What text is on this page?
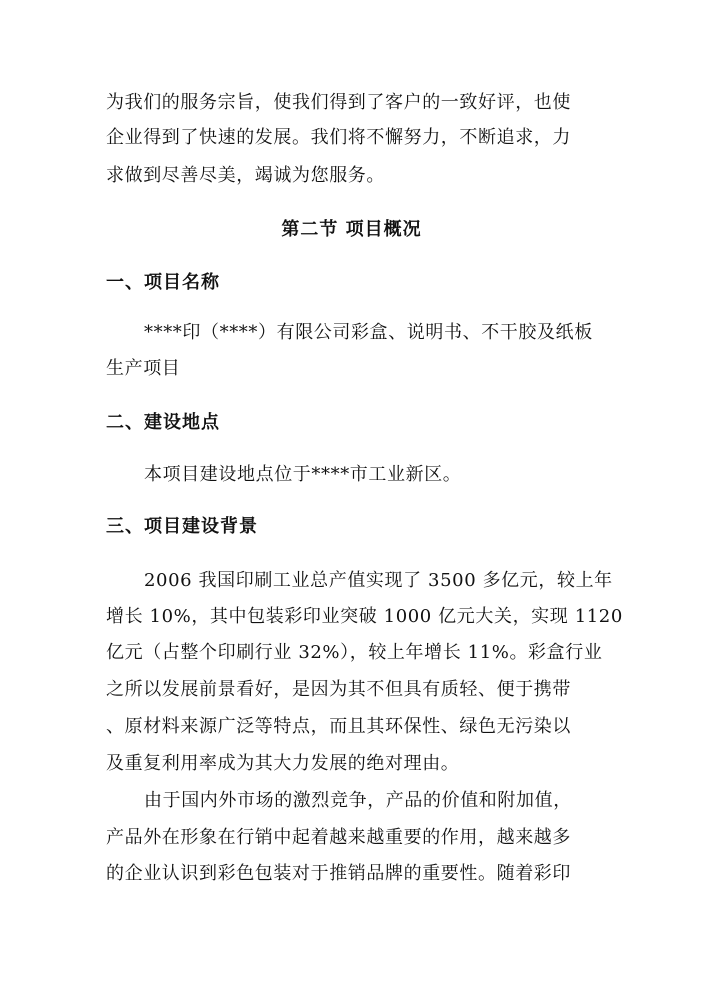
为我们的服务宗旨，使我们得到了客户的一致好评，也使
企业得到了快速的发展。我们将不懈努力，不断追求，力
求做到尽善尽美，竭诚为您服务。
第二节 项目概况
一、项目名称
****印（****）有限公司彩盒、说明书、不干胶及纸板
生产项目
二、建设地点
本项目建设地点位于****市工业新区。
三、项目建设背景
2006 我国印刷工业总产值实现了 3500 多亿元，较上年
增长 10%，其中包装彩印业突破 1000 亿元大关，实现 1120
亿元（占整个印刷行业 32%），较上年增长 11%。彩盒行业
之所以发展前景看好，是因为其不但具有质轻、便于携带
、原材料来源广泛等特点，而且其环保性、绿色无污染以
及重复利用率成为其大力发展的绝对理由。
由于国内外市场的激烈竞争，产品的价值和附加值，
产品外在形象在行销中起着越来越重要的作用，越来越多
的企业认识到彩色包装对于推销品牌的重要性。随着彩印
